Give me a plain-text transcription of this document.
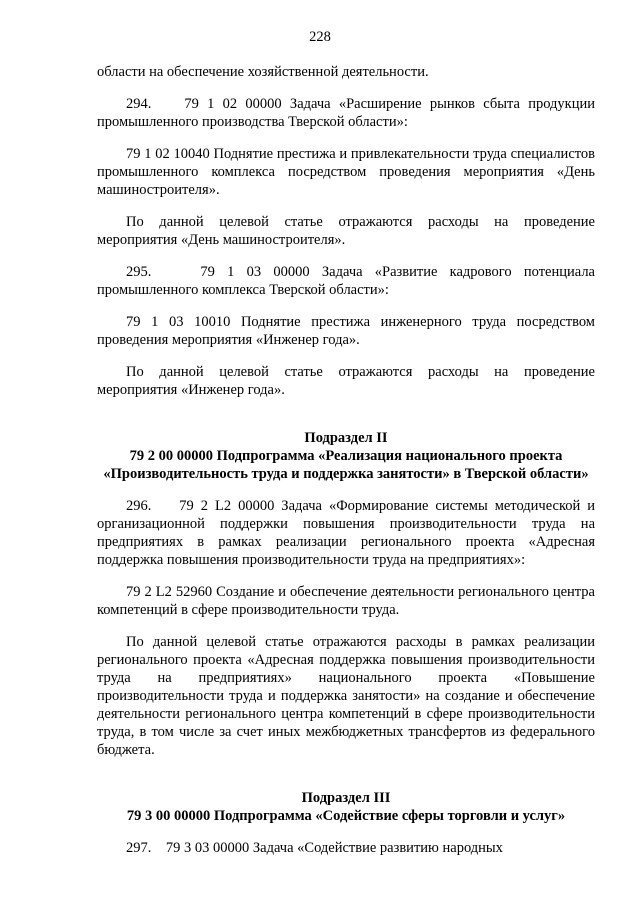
228

области на обеспечение хозяйственной деятельности.

294.    79 1 02 00000 Задача «Расширение рынков сбыта продукции промышленного производства Тверской области»:

79 1 02 10040 Поднятие престижа и привлекательности труда специалистов промышленного комплекса посредством проведения мероприятия «День машиностроителя».

По данной целевой статье отражаются расходы на проведение мероприятия «День машиностроителя».

295.    79 1 03 00000 Задача «Развитие кадрового потенциала промышленного комплекса Тверской области»:

79 1 03 10010 Поднятие престижа инженерного труда посредством проведения мероприятия «Инженер года».

По данной целевой статье отражаются расходы на проведение мероприятия «Инженер года».

Подраздел II
79 2 00 00000 Подпрограмма «Реализация национального проекта «Производительность труда и поддержка занятости» в Тверской области»

296.    79 2 L2 00000 Задача «Формирование системы методической и организационной поддержки повышения производительности труда на предприятиях в рамках реализации регионального проекта «Адресная поддержка повышения производительности труда на предприятиях»:

79 2 L2 52960 Создание и обеспечение деятельности регионального центра компетенций в сфере производительности труда.

По данной целевой статье отражаются расходы в рамках реализации регионального проекта «Адресная поддержка повышения производительности труда на предприятиях» национального проекта «Повышение производительности труда и поддержка занятости» на создание и обеспечение деятельности регионального центра компетенций в сфере производительности труда, в том числе за счет иных межбюджетных трансфертов из федерального бюджета.

Подраздел III
79 3 00 00000 Подпрограмма «Содействие сферы торговли и услуг»

297.    79 3 03 00000 Задача «Содействие развитию народных
